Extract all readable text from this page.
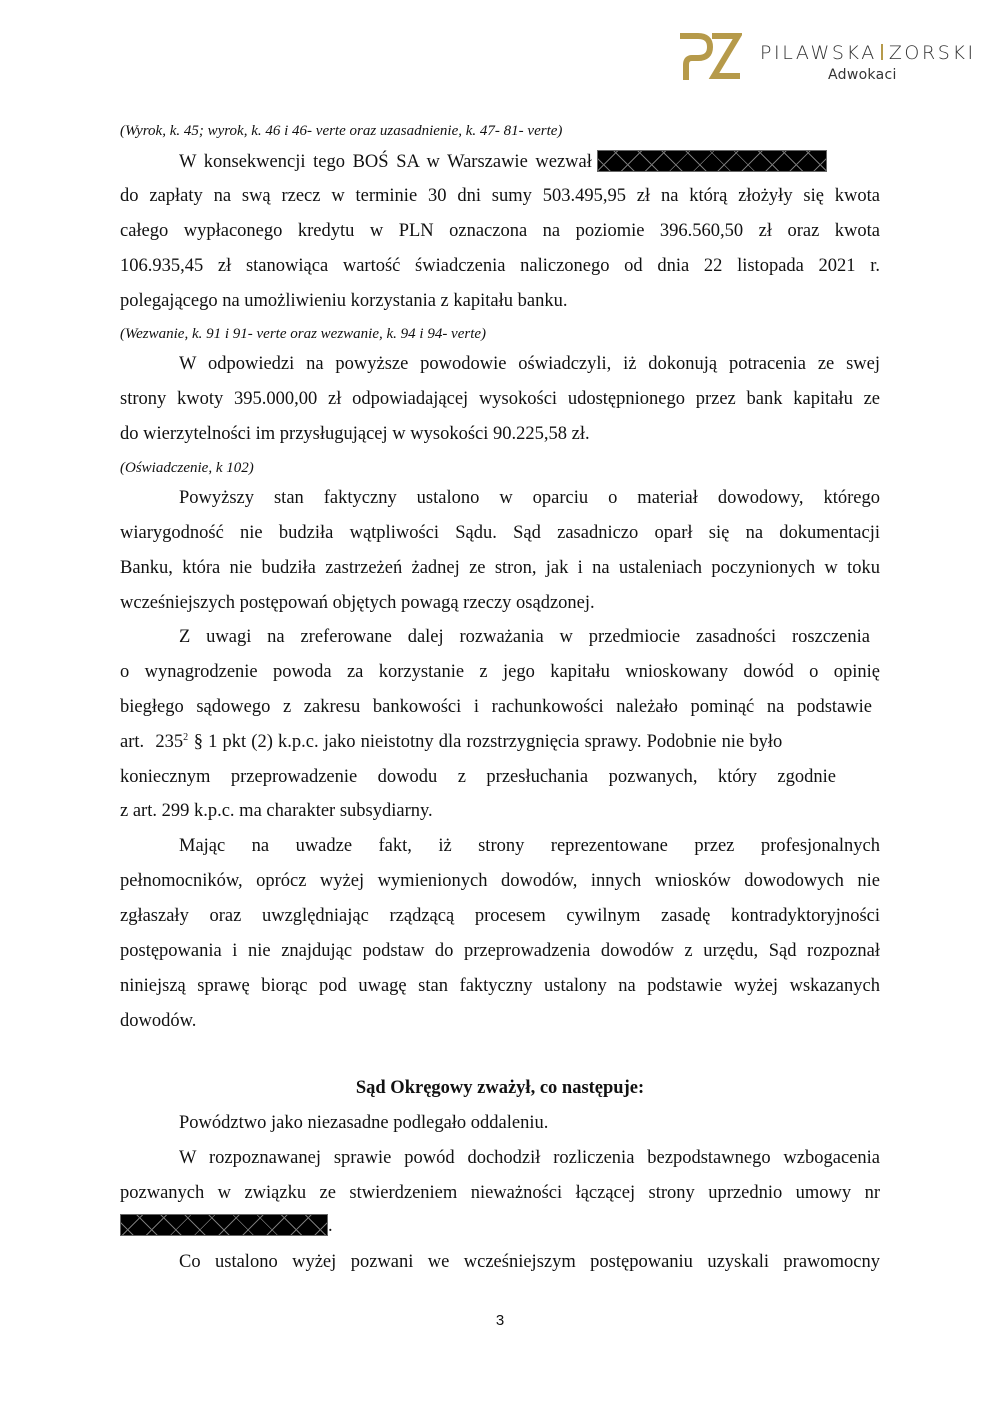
PILAWSKA ZORSKI
Adwokaci
(Wyrok, k. 45; wyrok, k. 46 i 46- verte oraz uzasadnienie, k. 47- 81- verte)
W konsekwencji tego BOŚ SA w Warszawie wezwał
do zapłaty na swą rzecz w terminie 30 dni sumy 503.495,95 zł na którą złożyły się kwota
całego wypłaconego kredytu w PLN oznaczona na poziomie 396.560,50 zł oraz kwota
106.935,45 zł stanowiąca wartość świadczenia naliczonego od dnia 22 listopada 2021 r.
polegającego na umożliwieniu korzystania z kapitału banku.
(Wezwanie, k. 91 i 91- verte oraz wezwanie, k. 94 i 94- verte)
W odpowiedzi na powyższe powodowie oświadczyli, iż dokonują potracenia ze swej
strony kwoty 395.000,00 zł odpowiadającej wysokości udostępnionego przez bank kapitału ze
do wierzytelności im przysługującej w wysokości 90.225,58 zł.
(Oświadczenie, k 102)
Powyższy stan faktyczny ustalono w oparciu o materiał dowodowy, którego
wiarygodność nie budziła wątpliwości Sądu. Sąd zasadniczo oparł się na dokumentacji
Banku, która nie budziła zastrzeżeń żadnej ze stron, jak i na ustaleniach poczynionych w toku
wcześniejszych postępowań objętych powagą rzeczy osądzonej.
Z uwagi na zreferowane dalej rozważania w przedmiocie zasadności roszczenia
o wynagrodzenie powoda za korzystanie z jego kapitału wnioskowany dowód o opinię
biegłego sądowego z zakresu bankowości i rachunkowości należało pominąć na podstawie
art. $235^2$ § 1 pkt (2) k.p.c. jako nieistotny dla rozstrzygnięcia sprawy. Podobnie nie było
koniecznym przeprowadzenie dowodu z przesłuchania pozwanych, który zgodnie
z art. 299 k.p.c. ma charakter subsydiarny.
Mając na uwadze fakt, iż strony reprezentowane przez profesjonalnych
pełnomocników, oprócz wyżej wymienionych dowodów, innych wniosków dowodowych nie
zgłaszały oraz uwzględniając rządzącą procesem cywilnym zasadę kontradyktoryjności
postępowania i nie znajdując podstaw do przeprowadzenia dowodów z urzędu, Sąd rozpoznał
niniejszą sprawę biorąc pod uwagę stan faktyczny ustalony na podstawie wyżej wskazanych
dowodów.
Sąd Okręgowy zważył, co następuje:
Powództwo jako niezasadne podlegało oddaleniu.
W rozpoznawanej sprawie powód dochodził rozliczenia bezpodstawnego wzbogacenia
pozwanych w związku ze stwierdzeniem nieważności łączącej strony uprzednio umowy nr
.
Co ustalono wyżej pozwani we wcześniejszym postępowaniu uzyskali prawomocny
3
